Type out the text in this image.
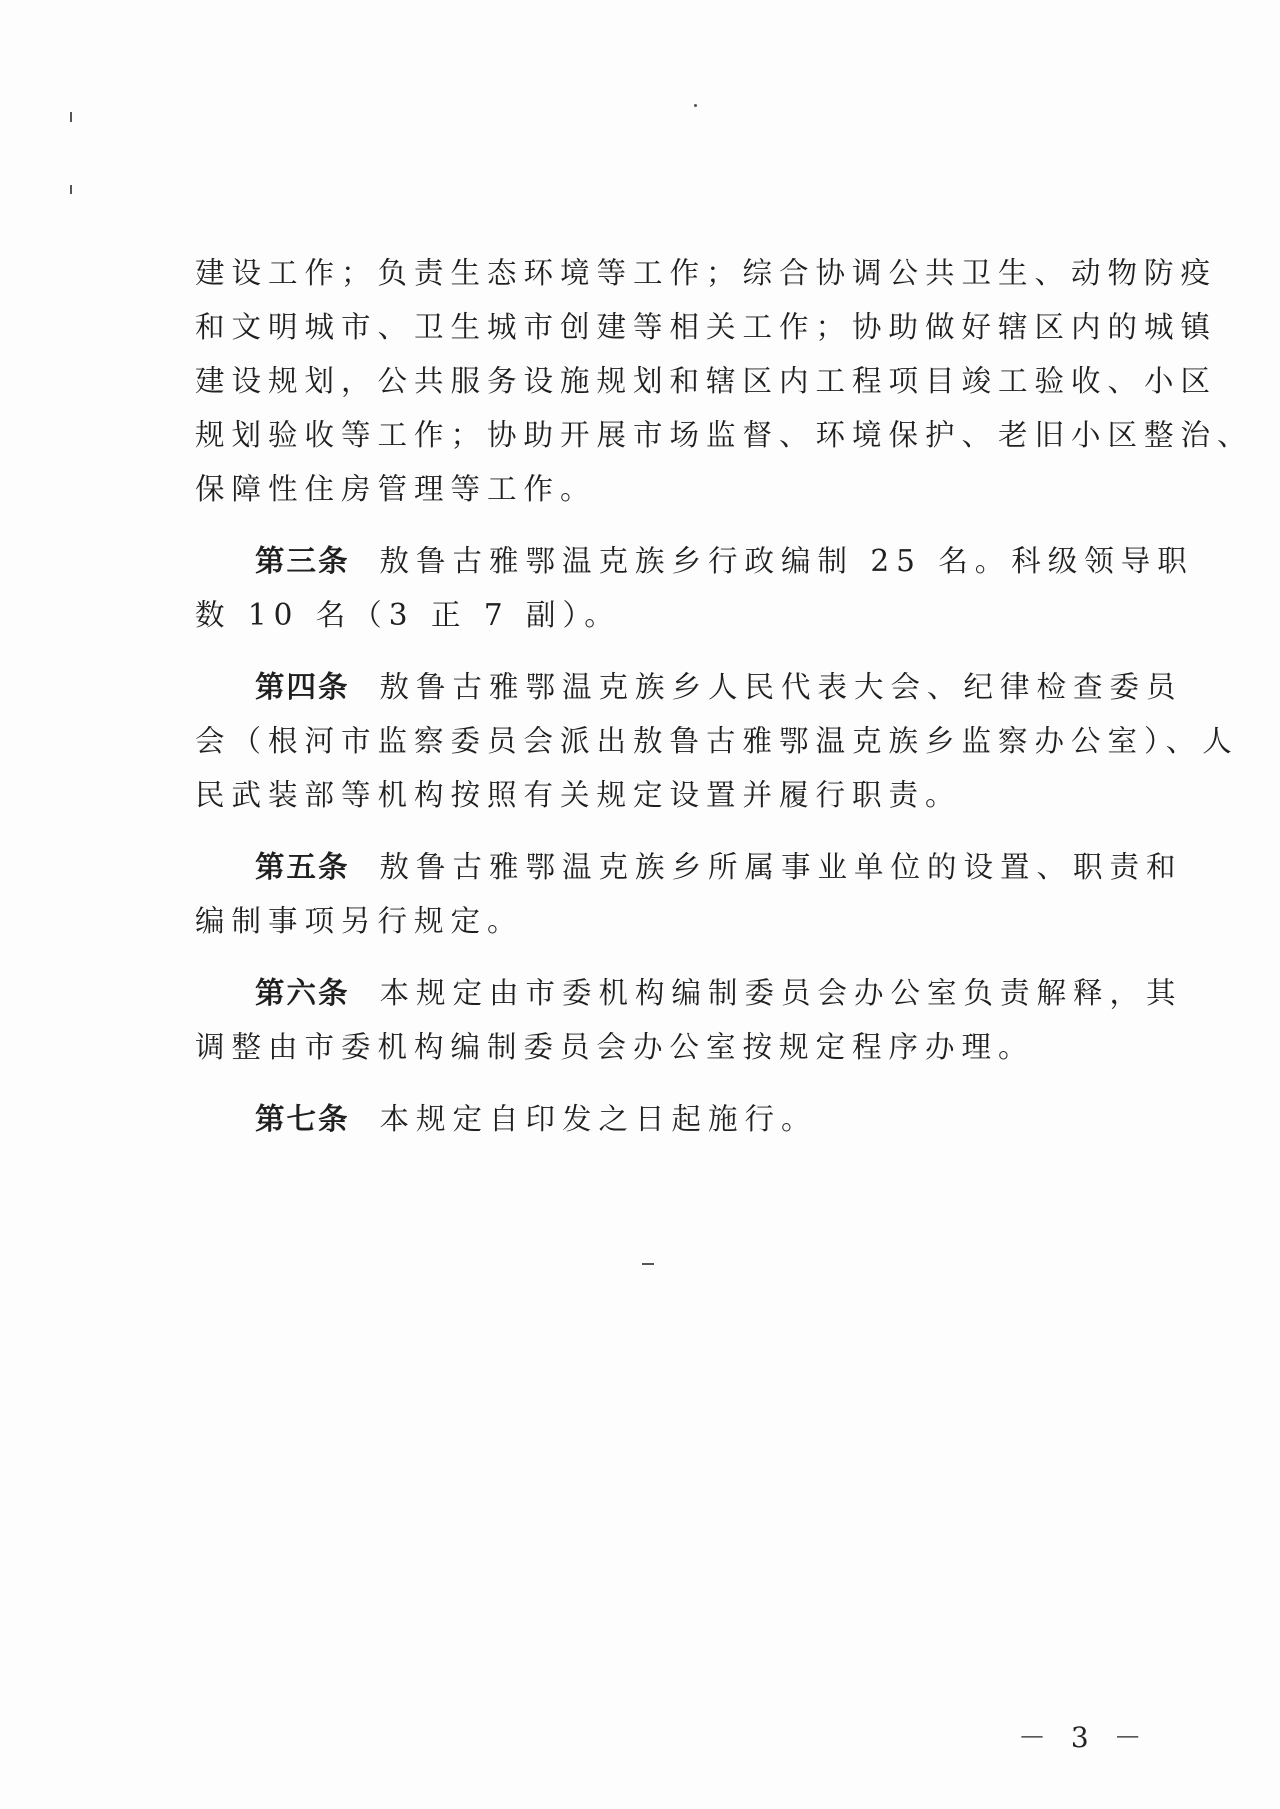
建设工作；负责生态环境等工作；综合协调公共卫生、动物防疫
和文明城市、卫生城市创建等相关工作；协助做好辖区内的城镇
建设规划，公共服务设施规划和辖区内工程项目竣工验收、小区
规划验收等工作；协助开展市场监督、环境保护、老旧小区整治、
保障性住房管理等工作。
第三条 敖鲁古雅鄂温克族乡行政编制 25 名。科级领导职
数 10 名（3 正 7 副）。
第四条 敖鲁古雅鄂温克族乡人民代表大会、纪律检查委员
会（根河市监察委员会派出敖鲁古雅鄂温克族乡监察办公室）、人
民武装部等机构按照有关规定设置并履行职责。
第五条 敖鲁古雅鄂温克族乡所属事业单位的设置、职责和
编制事项另行规定。
第六条 本规定由市委机构编制委员会办公室负责解释，其
调整由市委机构编制委员会办公室按规定程序办理。
第七条 本规定自印发之日起施行。
－ 3 －
